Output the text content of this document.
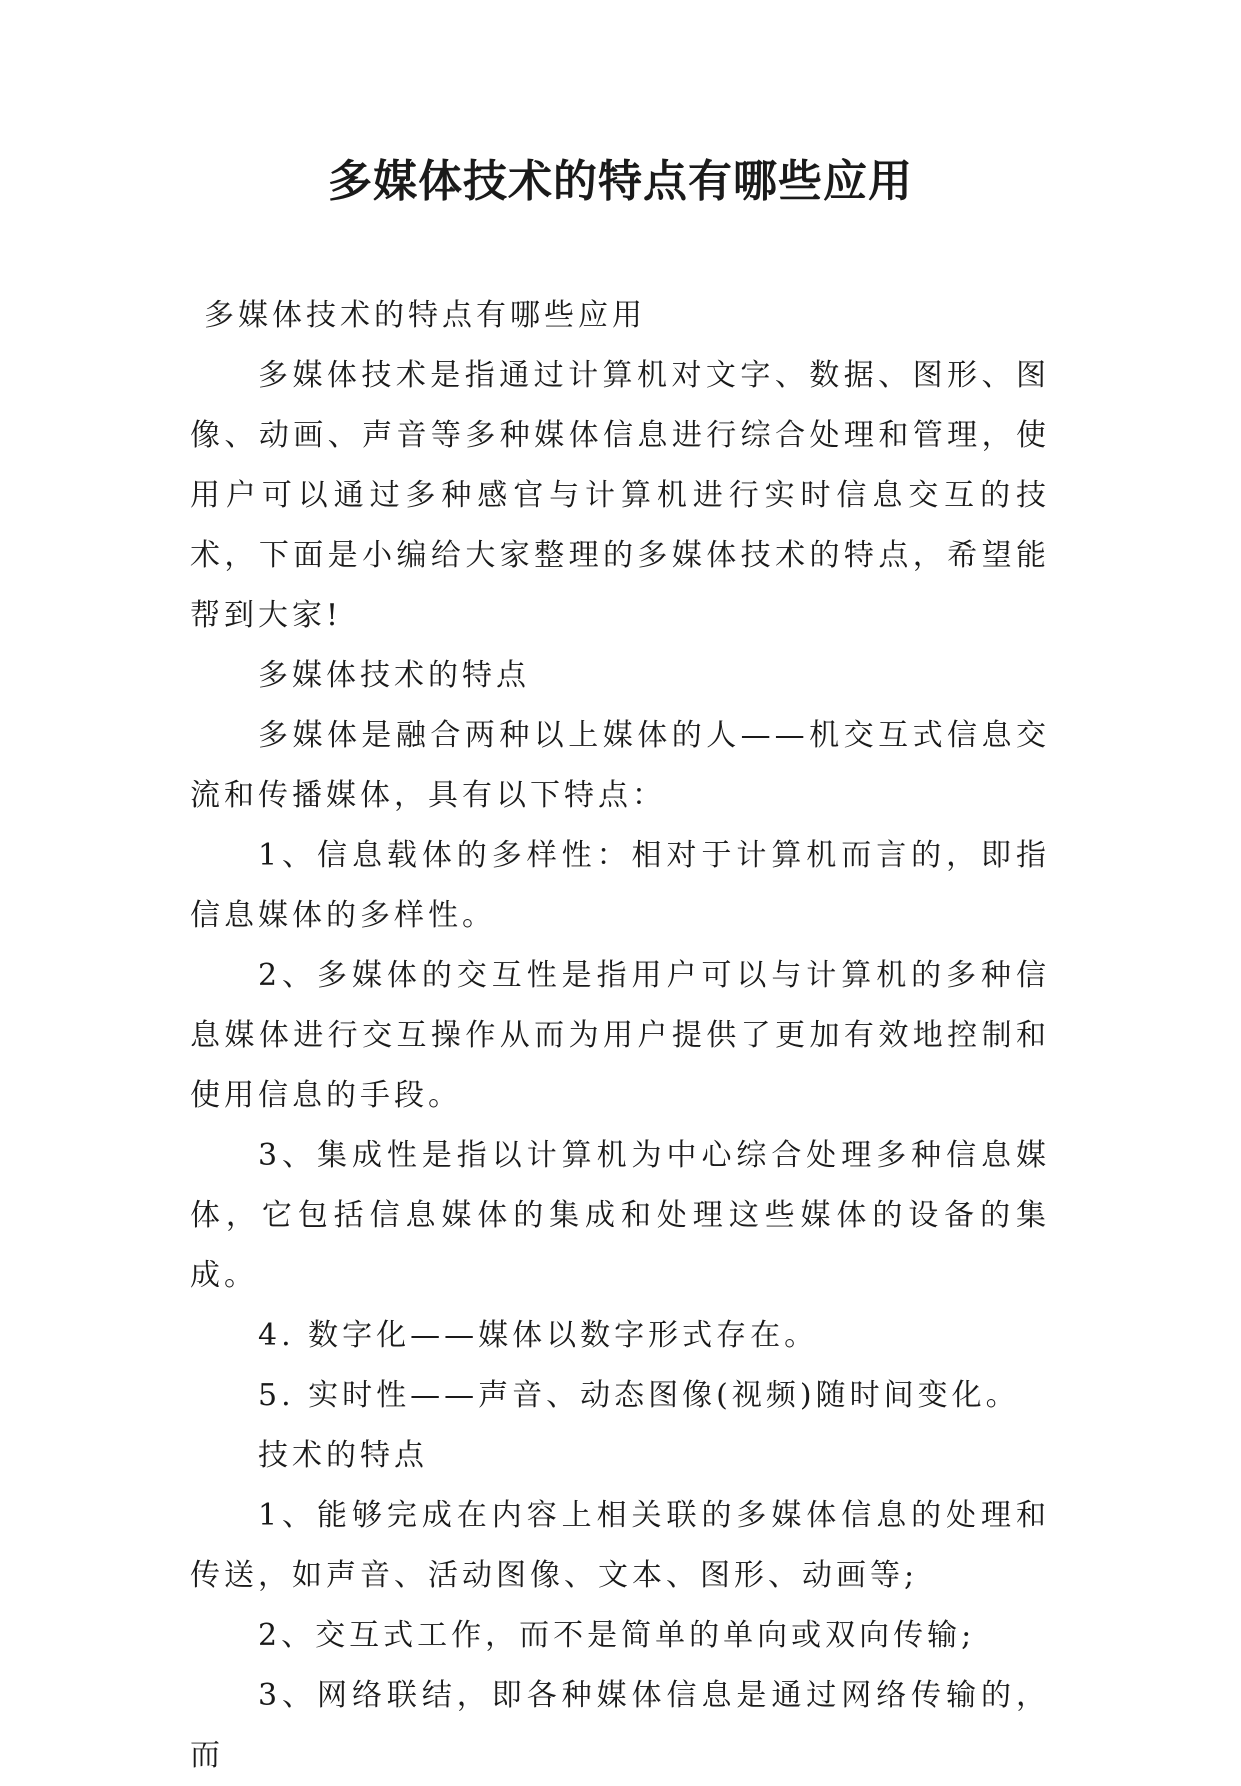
多媒体技术的特点有哪些应用

多媒体技术的特点有哪些应用

多媒体技术是指通过计算机对文字、数据、图形、图像、动画、声音等多种媒体信息进行综合处理和管理，使用户可以通过多种感官与计算机进行实时信息交互的技术，下面是小编给大家整理的多媒体技术的特点，希望能帮到大家!

多媒体技术的特点

多媒体是融合两种以上媒体的人——机交互式信息交流和传播媒体，具有以下特点：

1、信息载体的多样性：相对于计算机而言的，即指信息媒体的多样性。

2、多媒体的交互性是指用户可以与计算机的多种信息媒体进行交互操作从而为用户提供了更加有效地控制和使用信息的手段。

3、集成性是指以计算机为中心综合处理多种信息媒体，它包括信息媒体的集成和处理这些媒体的设备的集成。

4. 数字化——媒体以数字形式存在。

5. 实时性——声音、动态图像(视频)随时间变化。

技术的特点

1、能够完成在内容上相关联的多媒体信息的处理和传送，如声音、活动图像、文本、图形、动画等;

2、交互式工作，而不是简单的单向或双向传输;

3、网络联结，即各种媒体信息是通过网络传输的，而
